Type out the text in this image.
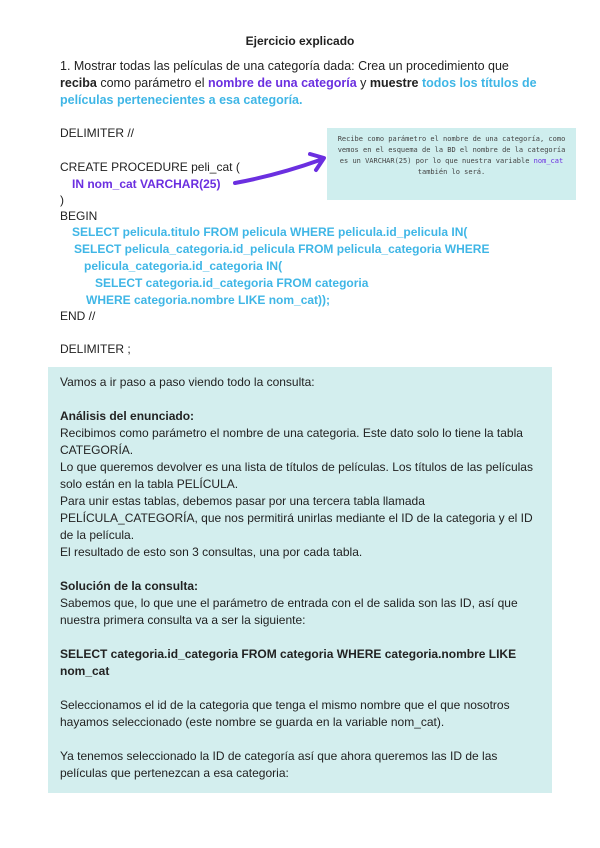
Ejercicio explicado
1. Mostrar todas las películas de una categoría dada: Crea un procedimiento que reciba como parámetro el nombre de una categoría y muestre todos los títulos de películas pertenecientes a esa categoría.
DELIMITER //
CREATE PROCEDURE peli_cat (
IN nom_cat VARCHAR(25)
)
BEGIN
SELECT pelicula.titulo FROM pelicula WHERE pelicula.id_pelicula IN(
SELECT pelicula_categoria.id_pelicula FROM pelicula_categoria WHERE
pelicula_categoria.id_categoria IN(
SELECT categoria.id_categoria FROM categoria
WHERE categoria.nombre LIKE nom_cat));
END //
DELIMITER ;
Recibe como parámetro el nombre de una categoría, como vemos en el esquema de la BD el nombre de la categoría es un VARCHAR(25) por lo que nuestra variable nom_cat también lo será.

Vamos a ir paso a paso viendo todo la consulta:

Análisis del enunciado:

Recibimos como parámetro el nombre de una categoria. Este dato solo lo tiene la tabla CATEGORÍA.

Lo que queremos devolver es una lista de títulos de películas. Los títulos de las películas solo están en la tabla PELÍCULA.

Para unir estas tablas, debemos pasar por una tercera tabla llamada PELÍCULA_CATEGORÍA, que nos permitirá unirlas mediante el ID de la categoria y el ID de la película.

El resultado de esto son 3 consultas, una por cada tabla.

Solución de la consulta:

Sabemos que, lo que une el parámetro de entrada con el de salida son las ID, así que nuestra primera consulta va a ser la siguiente:

SELECT categoria.id_categoria FROM categoria WHERE categoria.nombre LIKE nom_cat

Seleccionamos el id de la categoria que tenga el mismo nombre que el que nosotros hayamos seleccionado (este nombre se guarda en la variable nom_cat).

Ya tenemos seleccionado la ID de categoría así que ahora queremos las ID de las películas que pertenezcan a esa categoria:
